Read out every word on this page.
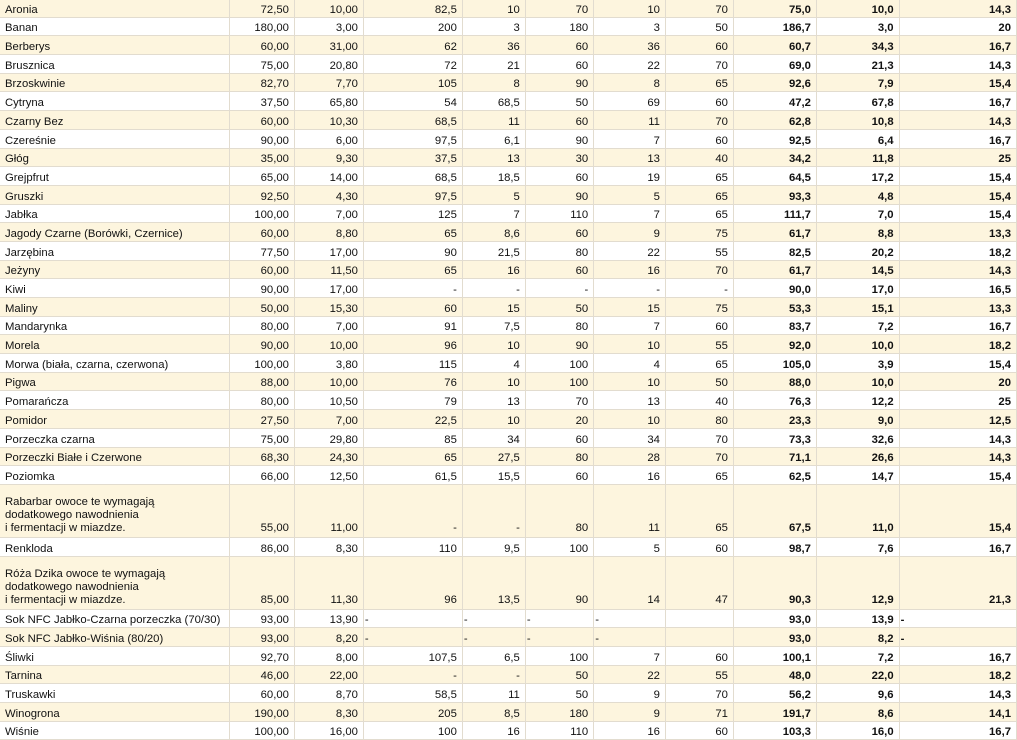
Aronia	72,50	10,00	82,5	10	70	10	70	75,0	10,0	14,3
Banan	180,00	3,00	200	3	180	3	50	186,7	3,0	20
Berberys	60,00	31,00	62	36	60	36	60	60,7	34,3	16,7
Brusznica	75,00	20,80	72	21	60	22	70	69,0	21,3	14,3
Brzoskwinie	82,70	7,70	105	8	90	8	65	92,6	7,9	15,4
Cytryna	37,50	65,80	54	68,5	50	69	60	47,2	67,8	16,7
Czarny Bez	60,00	10,30	68,5	11	60	11	70	62,8	10,8	14,3
Czereśnie	90,00	6,00	97,5	6,1	90	7	60	92,5	6,4	16,7
Głóg	35,00	9,30	37,5	13	30	13	40	34,2	11,8	25
Grejpfrut	65,00	14,00	68,5	18,5	60	19	65	64,5	17,2	15,4
Gruszki	92,50	4,30	97,5	5	90	5	65	93,3	4,8	15,4
Jabłka	100,00	7,00	125	7	110	7	65	111,7	7,0	15,4
Jagody Czarne (Borówki, Czernice)	60,00	8,80	65	8,6	60	9	75	61,7	8,8	13,3
Jarzębina	77,50	17,00	90	21,5	80	22	55	82,5	20,2	18,2
Jeżyny	60,00	11,50	65	16	60	16	70	61,7	14,5	14,3
Kiwi	90,00	17,00	-	-	-	-	-	90,0	17,0	16,5
Maliny	50,00	15,30	60	15	50	15	75	53,3	15,1	13,3
Mandarynka	80,00	7,00	91	7,5	80	7	60	83,7	7,2	16,7
Morela	90,00	10,00	96	10	90	10	55	92,0	10,0	18,2
Morwa (biała, czarna, czerwona)	100,00	3,80	115	4	100	4	65	105,0	3,9	15,4
Pigwa	88,00	10,00	76	10	100	10	50	88,0	10,0	20
Pomarańcza	80,00	10,50	79	13	70	13	40	76,3	12,2	25
Pomidor	27,50	7,00	22,5	10	20	10	80	23,3	9,0	12,5
Porzeczka czarna	75,00	29,80	85	34	60	34	70	73,3	32,6	14,3
Porzeczki Białe i Czerwone	68,30	24,30	65	27,5	80	28	70	71,1	26,6	14,3
Poziomka	66,00	12,50	61,5	15,5	60	16	65	62,5	14,7	15,4
Rabarbar owoce te wymagają
dodatkowego nawodnienia
i fermentacji w miazdze.	55,00	11,00	-	-	80	11	65	67,5	11,0	15,4
Renkloda	86,00	8,30	110	9,5	100	5	60	98,7	7,6	16,7
Róża Dzika owoce te wymagają
dodatkowego nawodnienia
i fermentacji w miazdze.	85,00	11,30	96	13,5	90	14	47	90,3	12,9	21,3
Sok NFC Jabłko-Czarna porzeczka (70/30)	93,00	13,90	-	-	-	-		93,0	13,9	-
Sok NFC Jabłko-Wiśnia (80/20)	93,00	8,20	-	-	-	-		93,0	8,2	-
Śliwki	92,70	8,00	107,5	6,5	100	7	60	100,1	7,2	16,7
Tarnina	46,00	22,00	-	-	50	22	55	48,0	22,0	18,2
Truskawki	60,00	8,70	58,5	11	50	9	70	56,2	9,6	14,3
Winogrona	190,00	8,30	205	8,5	180	9	71	191,7	8,6	14,1
Wiśnie	100,00	16,00	100	16	110	16	60	103,3	16,0	16,7
